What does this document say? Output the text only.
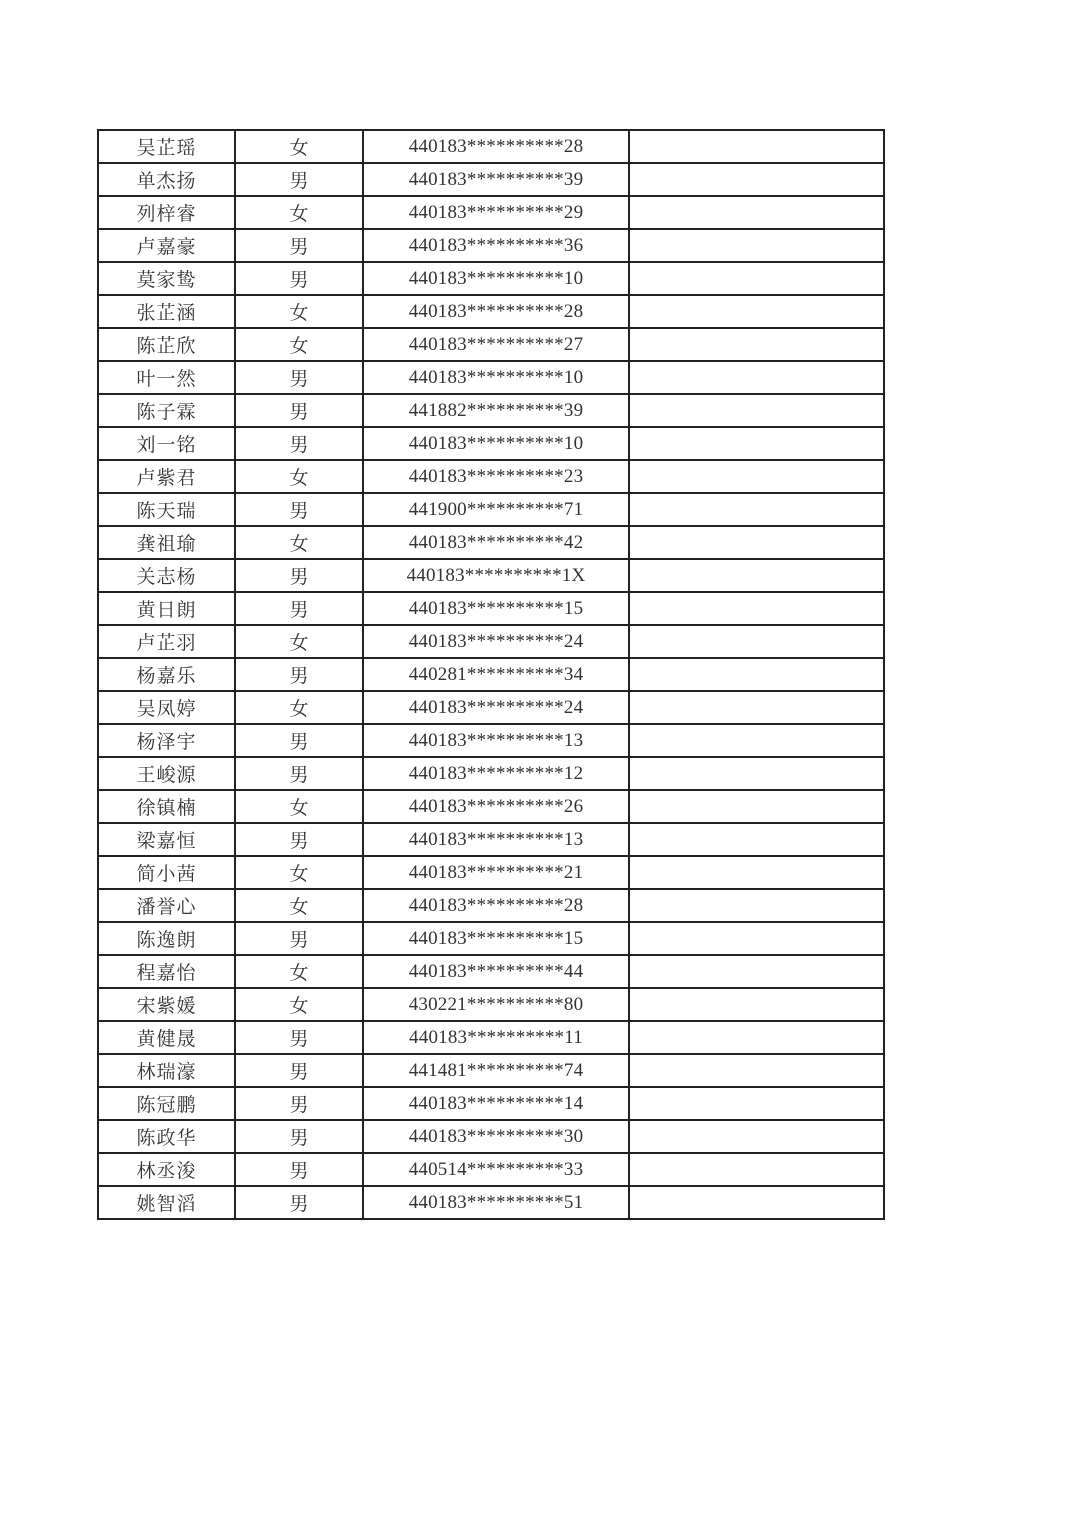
吴芷瑶	女	440183**********28	
单杰扬	男	440183**********39	
列梓睿	女	440183**********29	
卢嘉豪	男	440183**********36	
莫家鸷	男	440183**********10	
张芷涵	女	440183**********28	
陈芷欣	女	440183**********27	
叶一然	男	440183**********10	
陈子霖	男	441882**********39	
刘一铭	男	440183**********10	
卢紫君	女	440183**********23	
陈天瑞	男	441900**********71	
龚祖瑜	女	440183**********42	
关志杨	男	440183**********1X	
黄日朗	男	440183**********15	
卢芷羽	女	440183**********24	
杨嘉乐	男	440281**********34	
吴凤婷	女	440183**********24	
杨泽宇	男	440183**********13	
王峻源	男	440183**********12	
徐镇楠	女	440183**********26	
梁嘉恒	男	440183**********13	
简小茜	女	440183**********21	
潘誉心	女	440183**********28	
陈逸朗	男	440183**********15	
程嘉怡	女	440183**********44	
宋紫媛	女	430221**********80	
黄健晟	男	440183**********11	
林瑞濠	男	441481**********74	
陈冠鹏	男	440183**********14	
陈政华	男	440183**********30	
林丞浚	男	440514**********33	
姚智滔	男	440183**********51	
